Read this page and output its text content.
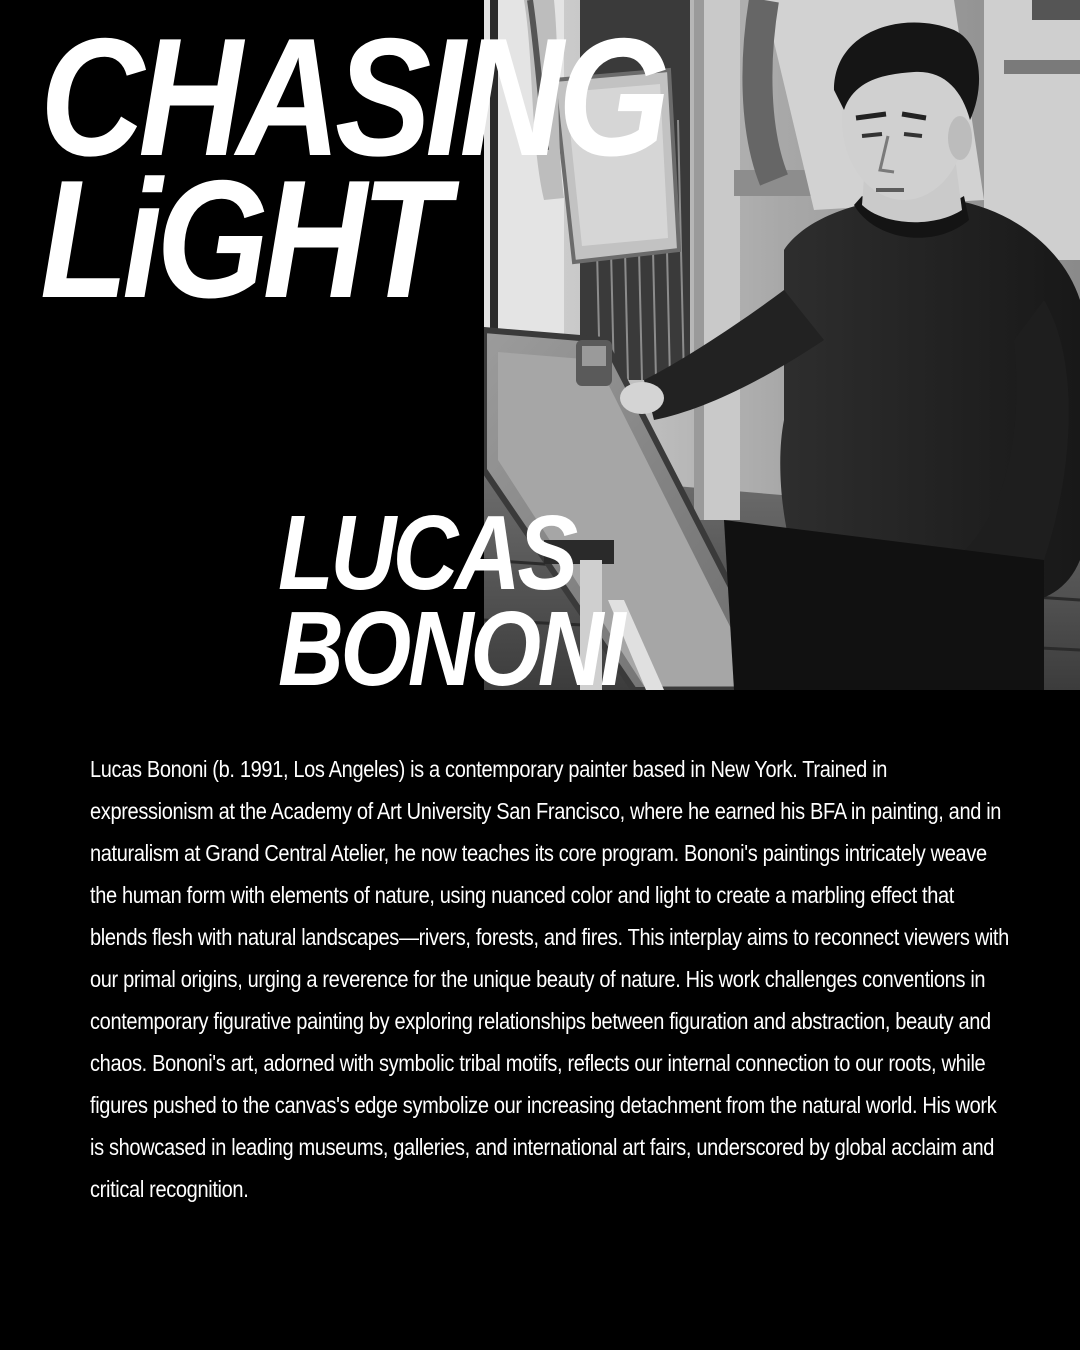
CHASING
LiGHT
LUCAS
BONONI

Lucas Bononi (b. 1991, Los Angeles) is a contemporary painter based in New York. Trained in expressionism at the Academy of Art University San Francisco, where he earned his BFA in painting, and in naturalism at Grand Central Atelier, he now teaches its core program. Bononi's paintings intricately weave the human form with elements of nature, using nuanced color and light to create a marbling effect that blends flesh with natural landscapes—rivers, forests, and fires. This interplay aims to reconnect viewers with our primal origins, urging a reverence for the unique beauty of nature. His work challenges conventions in contemporary figurative painting by exploring relationships between figuration and abstraction, beauty and chaos. Bononi's art, adorned with symbolic tribal motifs, reflects our internal connection to our roots, while figures pushed to the canvas's edge symbolize our increasing detachment from the natural world. His work is showcased in leading museums, galleries, and international art fairs, underscored by global acclaim and critical recognition.
